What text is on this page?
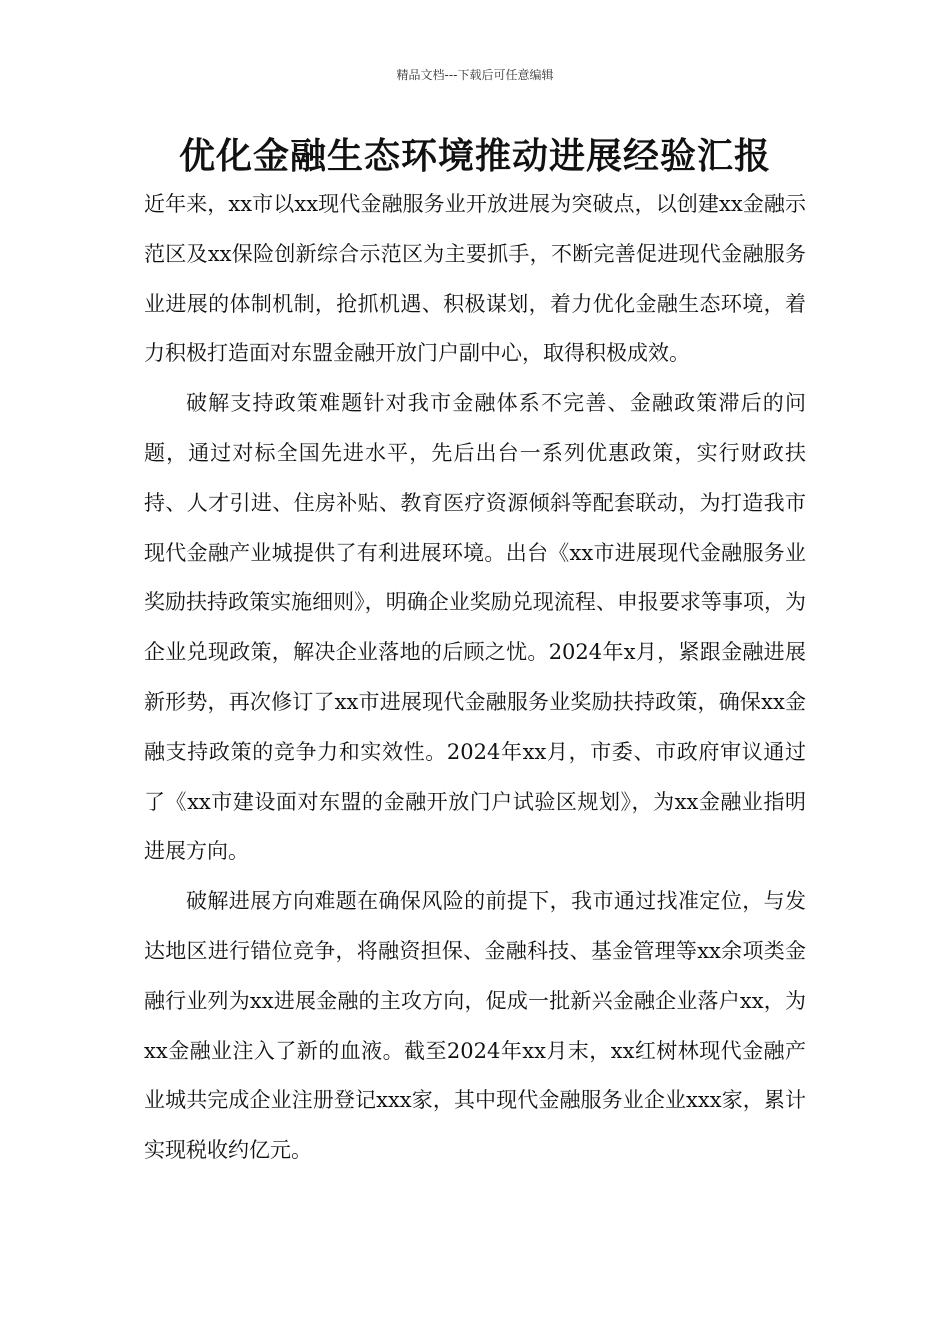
精品文档---下载后可任意编辑
优化金融生态环境推动进展经验汇报

近年来，xx市以xx现代金融服务业开放进展为突破点，以创建xx金融示范区及xx保险创新综合示范区为主要抓手，不断完善促进现代金融服务业进展的体制机制，抢抓机遇、积极谋划，着力优化金融生态环境，着力积极打造面对东盟金融开放门户副中心，取得积极成效。

破解支持政策难题针对我市金融体系不完善、金融政策滞后的问题，通过对标全国先进水平，先后出台一系列优惠政策，实行财政扶持、人才引进、住房补贴、教育医疗资源倾斜等配套联动，为打造我市现代金融产业城提供了有利进展环境。出台《xx市进展现代金融服务业奖励扶持政策实施细则》，明确企业奖励兑现流程、申报要求等事项，为企业兑现政策，解决企业落地的后顾之忧。2024年x月，紧跟金融进展新形势，再次修订了xx市进展现代金融服务业奖励扶持政策，确保xx金融支持政策的竞争力和实效性。2024年xx月，市委、市政府审议通过了《xx市建设面对东盟的金融开放门户试验区规划》，为xx金融业指明进展方向。

破解进展方向难题在确保风险的前提下，我市通过找准定位，与发达地区进行错位竞争，将融资担保、金融科技、基金管理等xx余项类金融行业列为xx进展金融的主攻方向，促成一批新兴金融企业落户xx，为xx金融业注入了新的血液。截至2024年xx月末，xx红树林现代金融产业城共完成企业注册登记xxx家，其中现代金融服务业企业xxx家，累计实现税收约亿元。
